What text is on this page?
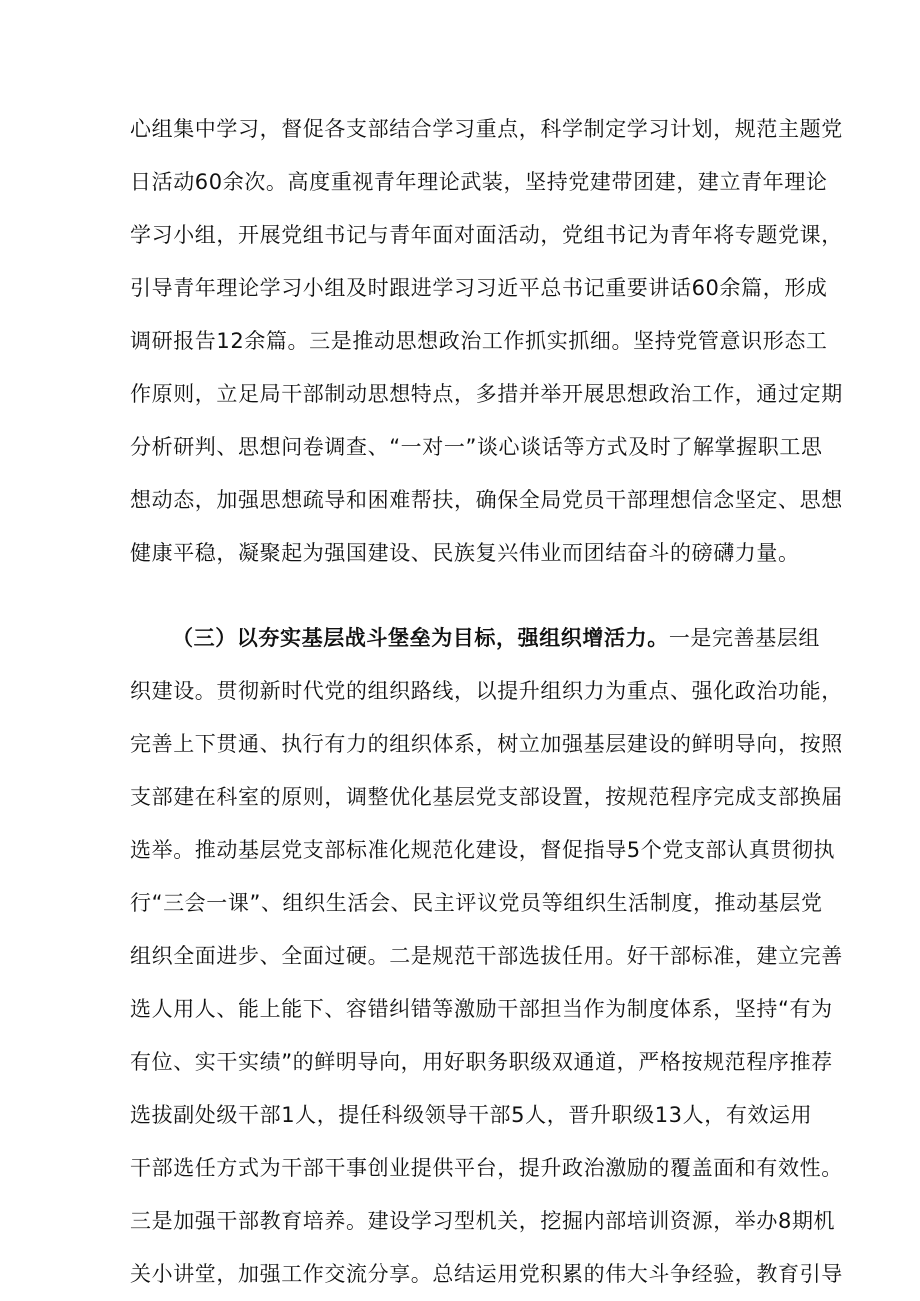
心组集中学习，督促各支部结合学习重点，科学制定学习计划，规范主题党
日活动60余次。高度重视青年理论武装，坚持党建带团建，建立青年理论
学习小组，开展党组书记与青年面对面活动，党组书记为青年将专题党课，
引导青年理论学习小组及时跟进学习习近平总书记重要讲话60余篇，形成
调研报告12余篇。三是推动思想政治工作抓实抓细。坚持党管意识形态工
作原则，立足局干部制动思想特点，多措并举开展思想政治工作，通过定期
分析研判、思想问卷调查、“一对一”谈心谈话等方式及时了解掌握职工思
想动态，加强思想疏导和困难帮扶，确保全局党员干部理想信念坚定、思想
健康平稳，凝聚起为强国建设、民族复兴伟业而团结奋斗的磅礴力量。
（三）以夯实基层战斗堡垒为目标，强组织增活力。一是完善基层组
织建设。贯彻新时代党的组织路线，以提升组织力为重点、强化政治功能，
完善上下贯通、执行有力的组织体系，树立加强基层建设的鲜明导向，按照
支部建在科室的原则，调整优化基层党支部设置，按规范程序完成支部换届
选举。推动基层党支部标准化规范化建设，督促指导5个党支部认真贯彻执
行“三会一课”、组织生活会、民主评议党员等组织生活制度，推动基层党
组织全面进步、全面过硬。二是规范干部选拔任用。好干部标准，建立完善
选人用人、能上能下、容错纠错等激励干部担当作为制度体系，坚持“有为
有位、实干实绩”的鲜明导向，用好职务职级双通道，严格按规范程序推荐
选拔副处级干部1人，提任科级领导干部5人，晋升职级13人，有效运用
干部选任方式为干部干事创业提供平台，提升政治激励的覆盖面和有效性。
三是加强干部教育培养。建设学习型机关，挖掘内部培训资源，举办8期机
关小讲堂，加强工作交流分享。总结运用党积累的伟大斗争经验，教育引导
